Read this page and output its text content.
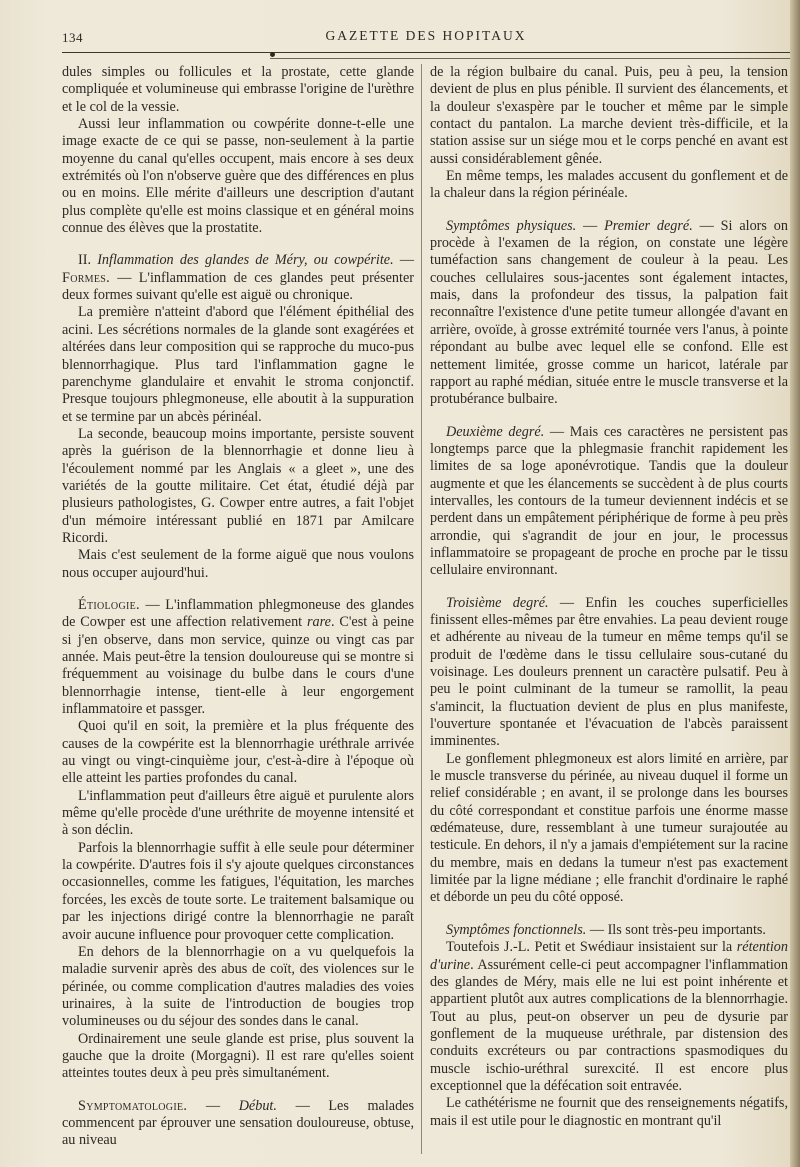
134	GAZETTE DES HOPITAUX

dules simples ou follicules et la prostate, cette glande compliquée et volumineuse qui embrasse l'origine de l'urèthre et le col de la vessie.

Aussi leur inflammation ou cowpérite donne-t-elle une image exacte de ce qui se passe, non-seulement à la partie moyenne du canal qu'elles occupent, mais encore à ses deux extrémités où l'on n'observe guère que des différences en plus ou en moins. Elle mérite d'ailleurs une description d'autant plus complète qu'elle est moins classique et en général moins connue des élèves que la prostatite.

II. Inflammation des glandes de Méry, ou cowpérite. — Formes. — L'inflammation de ces glandes peut présenter deux formes suivant qu'elle est aiguë ou chronique.

La première n'atteint d'abord que l'élément épithélial des acini. Les sécrétions normales de la glande sont exagérées et altérées dans leur composition qui se rapproche du muco-pus blennorrhagique. Plus tard l'inflammation gagne le parenchyme glandulaire et envahit le stroma conjonctif. Presque toujours phlegmoneuse, elle aboutit à la suppuration et se termine par un abcès périnéal.

La seconde, beaucoup moins importante, persiste souvent après la guérison de la blennorrhagie et donne lieu à l'écoulement nommé par les Anglais « a gleet », une des variétés de la goutte militaire. Cet état, étudié déjà par plusieurs pathologistes, G. Cowper entre autres, a fait l'objet d'un mémoire intéressant publié en 1871 par Amilcare Ricordi.

Mais c'est seulement de la forme aiguë que nous voulons nous occuper aujourd'hui.

Étiologie. — L'inflammation phlegmoneuse des glandes de Cowper est une affection relativement rare. C'est à peine si j'en observe, dans mon service, quinze ou vingt cas par année. Mais peut-être la tension douloureuse qui se montre si fréquemment au voisinage du bulbe dans le cours d'une blennorrhagie intense, tient-elle à leur engorgement inflammatoire et passger.

Quoi qu'il en soit, la première et la plus fréquente des causes de la cowpérite est la blennorrhagie uréthrale arrivée au vingt ou vingt-cinquième jour, c'est-à-dire à l'époque où elle atteint les parties profondes du canal.

L'inflammation peut d'ailleurs être aiguë et purulente alors même qu'elle procède d'une uréthrite de moyenne intensité et à son déclin.

Parfois la blennorrhagie suffit à elle seule pour déterminer la cowpérite. D'autres fois il s'y ajoute quelques circonstances occasionnelles, comme les fatigues, l'équitation, les marches forcées, les excès de toute sorte. Le traitement balsamique ou par les injections dirigé contre la blennorrhagie ne paraît avoir aucune influence pour provoquer cette complication.

En dehors de la blennorrhagie on a vu quelquefois la maladie survenir après des abus de coït, des violences sur le périnée, ou comme complication d'autres maladies des voies urinaires, à la suite de l'introduction de bougies trop volumineuses ou du séjour des sondes dans le canal.

Ordinairement une seule glande est prise, plus souvent la gauche que la droite (Morgagni). Il est rare qu'elles soient atteintes toutes deux à peu près simultanément.

Symptomatologie. — Début. — Les malades commencent par éprouver une sensation douloureuse, obtuse, au niveau

de la région bulbaire du canal. Puis, peu à peu, la tension devient de plus en plus pénible. Il survient des élancements, et la douleur s'exaspère par le toucher et même par le simple contact du pantalon. La marche devient très-difficile, et la station assise sur un siége mou et le corps penché en avant est aussi considérablement gênée.

En même temps, les malades accusent du gonflement et de la chaleur dans la région périnéale.

Symptômes physiques. — Premier degré. — Si alors on procède à l'examen de la région, on constate une légère tuméfaction sans changement de couleur à la peau. Les couches cellulaires sous-jacentes sont également intactes, mais, dans la profondeur des tissus, la palpation fait reconnaître l'existence d'une petite tumeur allongée d'avant en arrière, ovoïde, à grosse extrémité tournée vers l'anus, à pointe répondant au bulbe avec lequel elle se confond. Elle est nettement limitée, grosse comme un haricot, latérale par rapport au raphé médian, située entre le muscle transverse et la protubérance bulbaire.

Deuxième degré. — Mais ces caractères ne persistent pas longtemps parce que la phlegmasie franchit rapidement les limites de sa loge aponévrotique. Tandis que la douleur augmente et que les élancements se succèdent à de plus courts intervalles, les contours de la tumeur deviennent indécis et se perdent dans un empâtement périphérique de forme à peu près arrondie, qui s'agrandit de jour en jour, le processus inflammatoire se propageant de proche en proche par le tissu cellulaire environnant.

Troisième degré. — Enfin les couches superficielles finissent elles-mêmes par être envahies. La peau devient rouge et adhérente au niveau de la tumeur en même temps qu'il se produit de l'œdème dans le tissu cellulaire sous-cutané du voisinage. Les douleurs prennent un caractère pulsatif. Peu à peu le point culminant de la tumeur se ramollit, la peau s'amincit, la fluctuation devient de plus en plus manifeste, l'ouverture spontanée et l'évacuation de l'abcès paraissent imminentes.

Le gonflement phlegmoneux est alors limité en arrière, par le muscle transverse du périnée, au niveau duquel il forme un relief considérable ; en avant, il se prolonge dans les bourses du côté correspondant et constitue parfois une énorme masse œdémateuse, dure, ressemblant à une tumeur surajoutée au testicule. En dehors, il n'y a jamais d'empiétement sur la racine du membre, mais en dedans la tumeur n'est pas exactement limitée par la ligne médiane ; elle franchit d'ordinaire le raphé et déborde un peu du côté opposé.

Symptômes fonctionnels. — Ils sont très-peu importants.

Toutefois J.-L. Petit et Swédiaur insistaient sur la rétention d'urine. Assurément celle-ci peut accompagner l'inflammation des glandes de Méry, mais elle ne lui est point inhérente et appartient plutôt aux autres complications de la blennorrhagie. Tout au plus, peut-on observer un peu de dysurie par gonflement de la muqueuse uréthrale, par distension des conduits excréteurs ou par contractions spasmodiques du muscle ischio-uréthral surexcité. Il est encore plus exceptionnel que la défécation soit entravée.

Le cathétérisme ne fournit que des renseignements négatifs, mais il est utile pour le diagnostic en montrant qu'il
